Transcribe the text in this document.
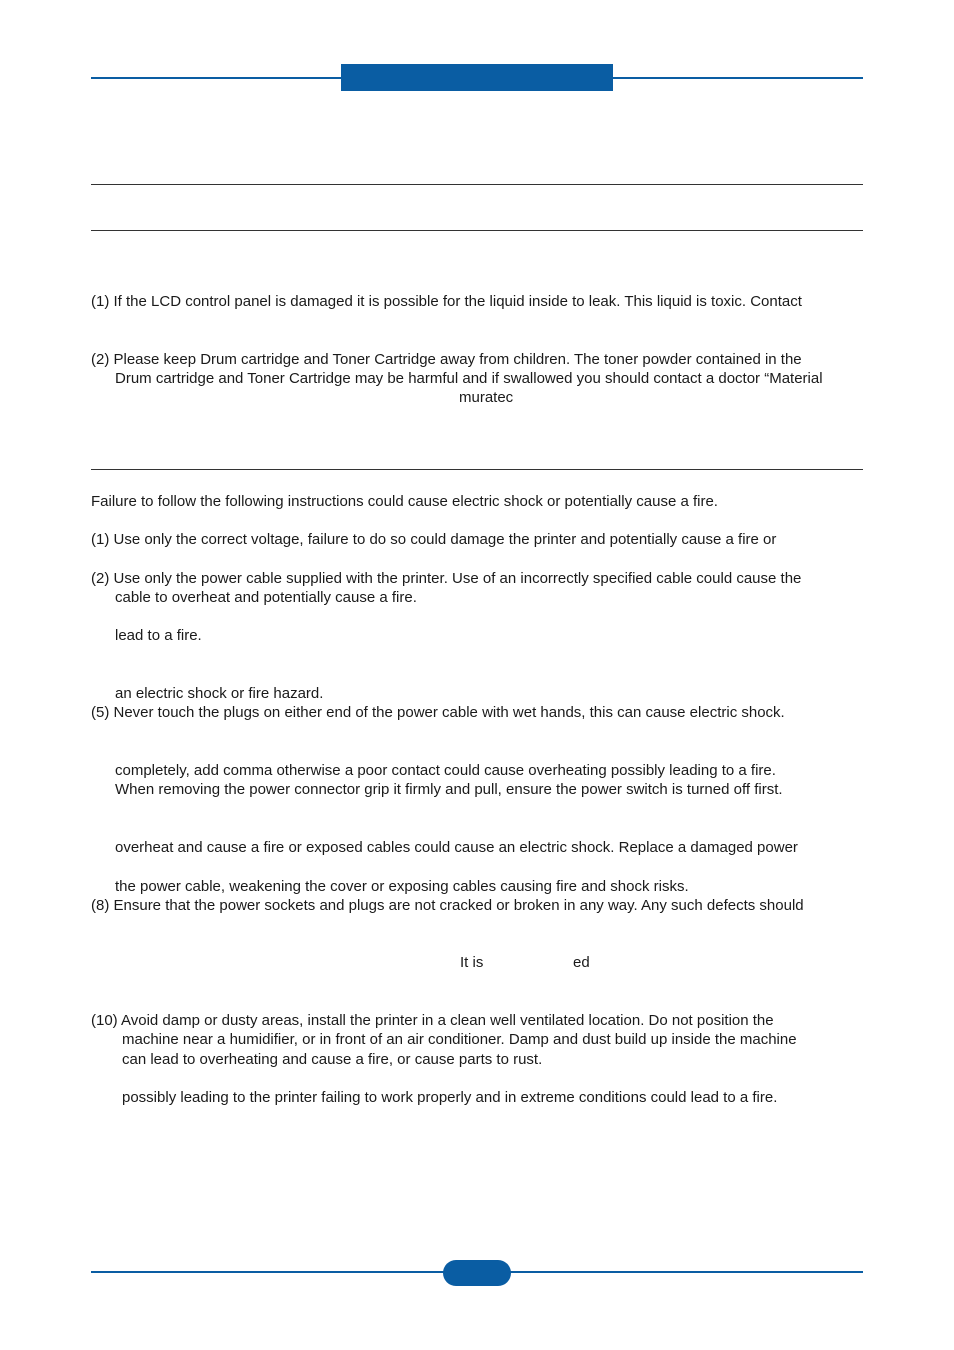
(1) If the LCD control panel is damaged it is possible for the liquid inside to leak. This liquid is toxic. Contact
(2) Please keep Drum cartridge and Toner Cartridge away from children. The toner powder contained in the
Drum cartridge and Toner Cartridge may be harmful and if swallowed you should contact a doctor “Material
muratec
Failure to follow the following instructions could cause electric shock or potentially cause a fire.
(1) Use only the correct voltage, failure to do so could damage the printer and potentially cause a fire or
(2) Use only the power cable supplied with the printer. Use of an incorrectly specified cable could cause the
cable to overheat and potentially cause a fire.
lead to a fire.
an electric shock or fire hazard.
(5) Never touch the plugs on either end of the power cable with wet hands, this can cause electric shock.
completely, add comma otherwise a poor contact could cause overheating possibly leading to a fire.
When removing the power connector grip it firmly and pull, ensure the power switch is turned off first.
overheat and cause a fire or exposed cables could cause an electric shock. Replace a damaged power
the power cable, weakening the cover or exposing cables causing fire and shock risks.
(8) Ensure that the power sockets and plugs are not cracked or broken in any way. Any such defects should
It is	ed
(10) Avoid damp or dusty areas, install the printer in a clean well ventilated location. Do not position the
machine near a humidifier, or in front of an air conditioner. Damp and dust build up inside the machine
can lead to overheating and cause a fire, or cause parts to rust.
possibly leading to the printer failing to work properly and in extreme conditions could lead to a fire.
